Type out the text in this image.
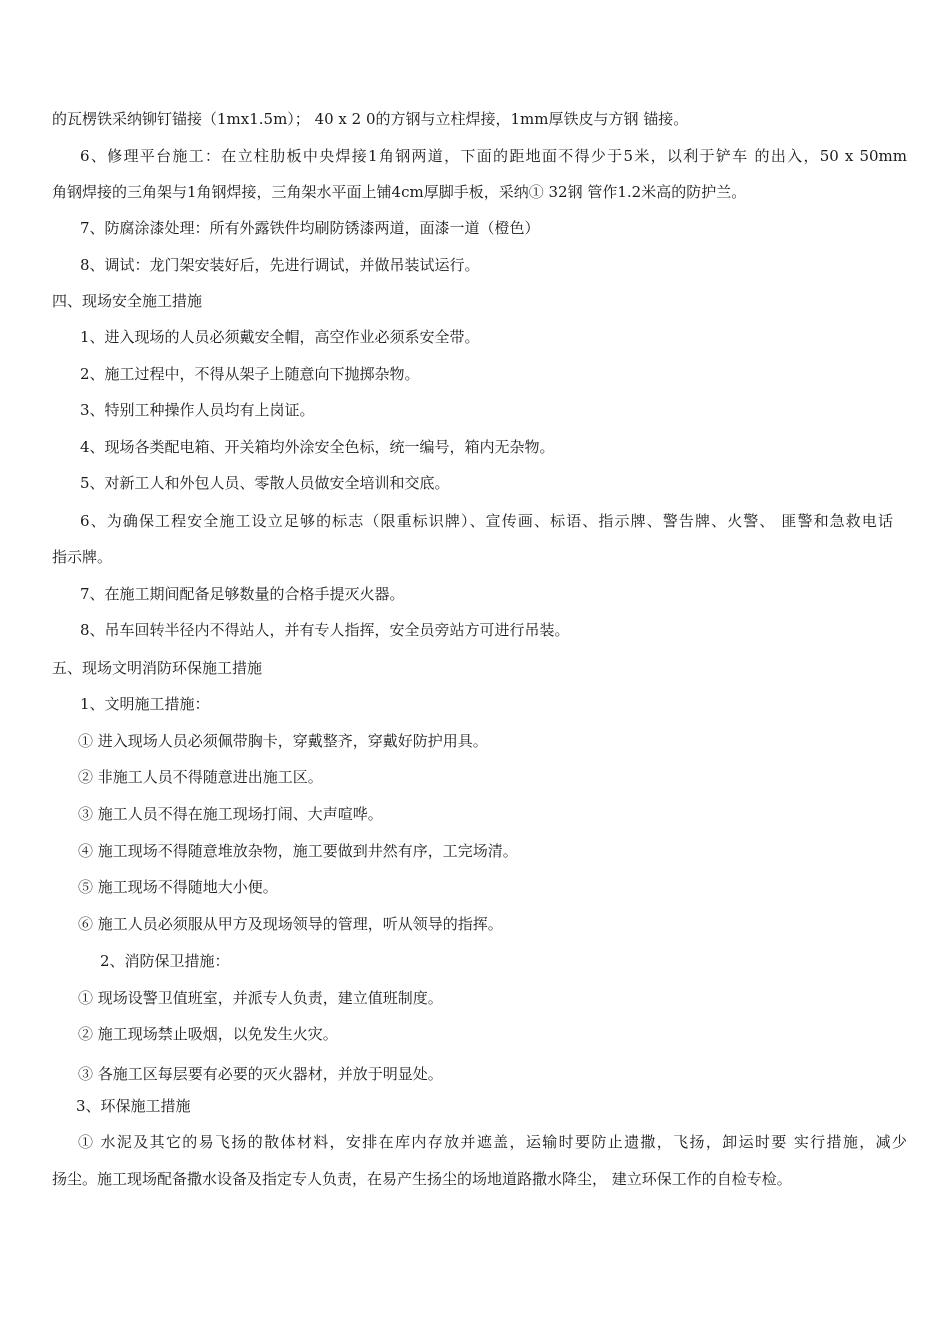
的瓦楞铁采纳铆钉锚接（1mx1.5m）； 40 x 2 0的方钢与立柱焊接，1mm厚铁皮与方钢 锚接。
6、修理平台施工：在立柱肋板中央焊接1角钢两道，下面的距地面不得少于5米，以利于铲车 的出入，50 x 50mm
角钢焊接的三角架与1角钢焊接，三角架水平面上铺4cm厚脚手板，采纳① 32钢 管作1.2米高的防护兰。
7、防腐涂漆处理：所有外露铁件均刷防锈漆两道，面漆一道（橙色）
8、调试：龙门架安装好后，先进行调试，并做吊装试运行。
四、现场安全施工措施
1、进入现场的人员必须戴安全帽，高空作业必须系安全带。
2、施工过程中，不得从架子上随意向下抛掷杂物。
3、特别工种操作人员均有上岗证。
4、现场各类配电箱、开关箱均外涂安全色标，统一编号，箱内无杂物。
5、对新工人和外包人员、零散人员做安全培训和交底。
6、为确保工程安全施工设立足够的标志（限重标识牌）、宣传画、标语、指示牌、警告牌、火警、 匪警和急救电话
指示牌。
7、在施工期间配备足够数量的合格手提灭火器。
8、吊车回转半径内不得站人，并有专人指挥，安全员旁站方可进行吊装。
五、现场文明消防环保施工措施
1、文明施工措施：
① 进入现场人员必须佩带胸卡，穿戴整齐，穿戴好防护用具。
② 非施工人员不得随意进出施工区。
③ 施工人员不得在施工现场打闹、大声喧哗。
④ 施工现场不得随意堆放杂物，施工要做到井然有序，工完场清。
⑤ 施工现场不得随地大小便。
⑥ 施工人员必须服从甲方及现场领导的管理，听从领导的指挥。
2、消防保卫措施：
① 现场设警卫值班室，并派专人负责，建立值班制度。
② 施工现场禁止吸烟，以免发生火灾。
③ 各施工区每层要有必要的灭火器材，并放于明显处。
3、环保施工措施
① 水泥及其它的易飞扬的散体材料，安排在库内存放并遮盖，运输时要防止遗撒，飞扬，卸运时要 实行措施，减少
扬尘。施工现场配备撒水设备及指定专人负责，在易产生扬尘的场地道路撒水降尘， 建立环保工作的自检专检。
